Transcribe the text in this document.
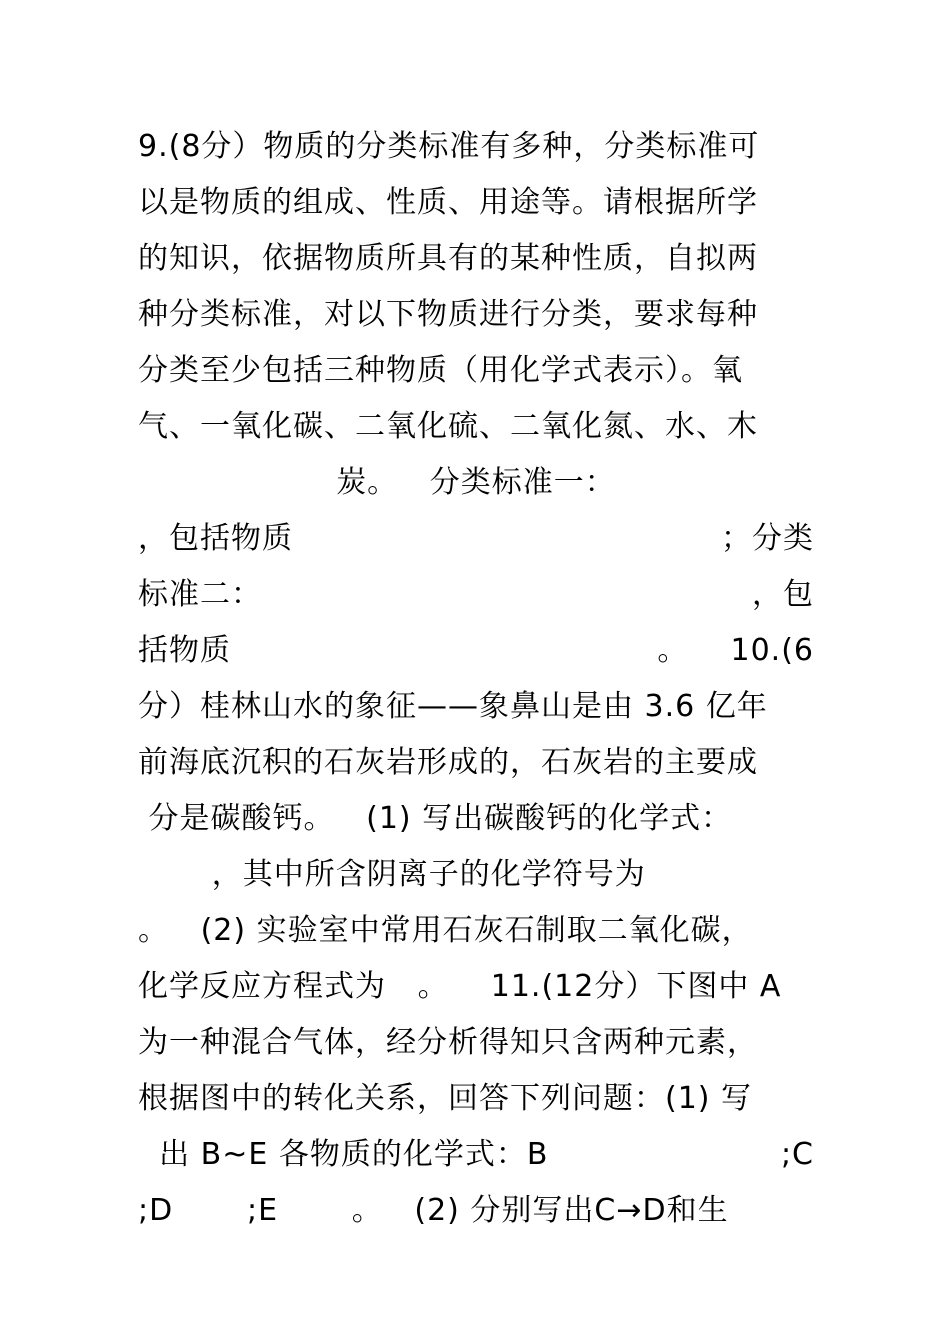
9.(8分）物质的分类标准有多种，分类标准可
以是物质的组成、性质、用途等。请根据所学
的知识，依据物质所具有的某种性质，自拟两
种分类标准，对以下物质进行分类，要求每种
分类至少包括三种物质（用化学式表示）。氧
气、一氧化碳、二氧化硫、二氧化氮、水、木
炭。   分类标准一：
，包括物质	；分类
标准二：	，包
括物质	。    10.(6
分）桂林山水的象征——象鼻山是由 3.6 亿年
前海底沉积的石灰岩形成的，石灰岩的主要成
分是碳酸钙。   (1) 写出碳酸钙的化学式：
，其中所含阴离子的化学符号为
。   (2) 实验室中常用石灰石制取二氧化碳，
化学反应方程式为   。    11.(12分）下图中 A
为一种混合气体，经分析得知只含两种元素，
根据图中的转化关系，回答下列问题：(1) 写
出 B~E 各物质的化学式：B	;C
;D       ;E       。   (2) 分别写出C→D和生
